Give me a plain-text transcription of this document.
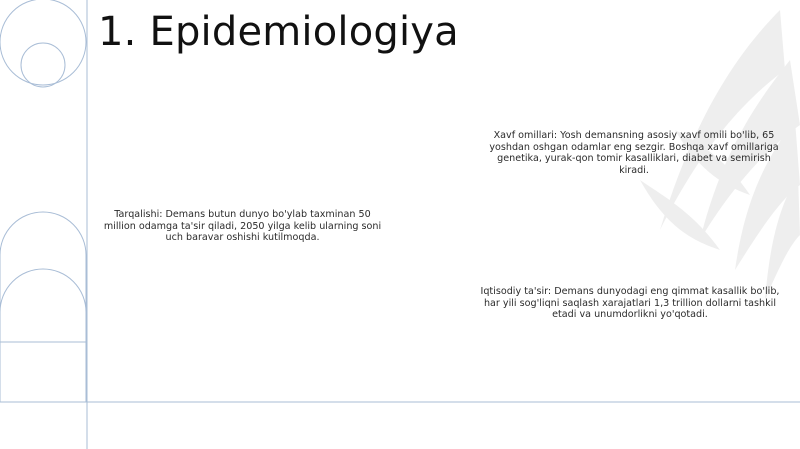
1. Epidemiologiya

Tarqalishi: Demans butun dunyo bo'ylab taxminan 50 million odamga ta'sir qiladi, 2050 yilga kelib ularning soni uch baravar oshishi kutilmoqda.

Xavf omillari: Yosh demansning asosiy xavf omili bo'lib, 65 yoshdan oshgan odamlar eng sezgir. Boshqa xavf omillariga genetika, yurak-qon tomir kasalliklari, diabet va semirish kiradi.

Iqtisodiy ta'sir: Demans dunyodagi eng qimmat kasallik bo'lib, har yili sog'liqni saqlash xarajatlari 1,3 trillion dollarni tashkil etadi va unumdorlikni yo'qotadi.
